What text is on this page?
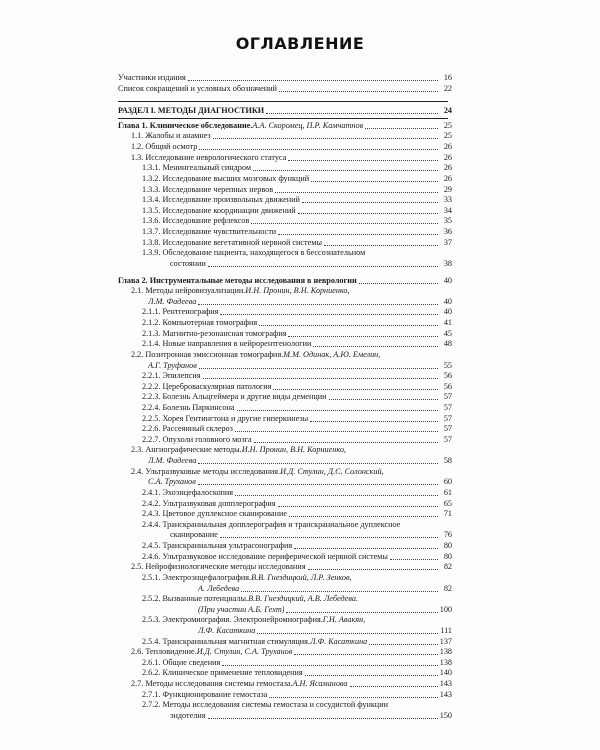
ОГЛАВЛЕНИЕ
Участники издания	16
Список сокращений и условных обозначений	22
РАЗДЕЛ I. МЕТОДЫ ДИАГНОСТИКИ	24
Глава 1. Клиническое обследование. А.А. Скоромец, П.Р. Камчатнов	25
1.1. Жалобы и анамнез	25
1.2. Общий осмотр	26
1.3. Исследование неврологического статуса	26
1.3.1. Менингеальный синдром	26
1.3.2. Исследование высших мозговых функций	26
1.3.3. Исследование черепных нервов	29
1.3.4. Исследование произвольных движений	33
1.3.5. Исследование координации движений	34
1.3.6. Исследование рефлексов	35
1.3.7. Исследование чувствительности	36
1.3.8. Исследование вегетативной нервной системы	37
1.3.9. Обследование пациента, находящегося в бессознательном
состоянии	38
Глава 2. Инструментальные методы исследования в неврологии	40
2.1. Методы нейровизуализации. И.Н. Пронин, В.Н. Корниенко,
Л.М. Фадеева	40
2.1.1. Рентгенография	40
2.1.2. Компьютерная томография	41
2.1.3. Магнитно-резонансная томография	45
2.1.4. Новые направления в нейрорентгенологии	48
2.2. Позитронная эмиссионная томография. М.М. Одинак, А.Ю. Емелин,
А.Г. Труфанов	55
2.2.1. Эпилепсия	56
2.2.2. Цереброваскулярная патология	56
2.2.3. Болезнь Альцгеймера и другие виды деменции	57
2.2.4. Болезнь Паркинсона	57
2.2.5. Хорея Гентингтона и другие гиперкинезы	57
2.2.6. Рассеянный склероз	57
2.2.7. Опухоли головного мозга	57
2.3. Ангиографические методы. И.Н. Пронин, В.Н. Корниенко,
Л.М. Фадеева	58
2.4. Ультразвуковые методы исследования. И.Д. Стулин, Д.С. Солонский,
С.А. Труханов	60
2.4.1. Эхоэнцефалоскопия	61
2.4.2. Ультразвуковая допплерография	65
2.4.3. Цветовое дуплексное сканирование	71
2.4.4. Транскраниальная допплерография и транскраниальное дуплексное
сканирование	76
2.4.5. Транскраниальная ультрасонография	80
2.4.6. Ультразвуковое исследование периферической нервной системы	80
2.5. Нейрофизиологические методы исследования	82
2.5.1. Электроэнцефалография. В.В. Гнездицкий, Л.Р. Зенков,
А. Лебедева	82
2.5.2. Вызванные потенциалы. В.В. Гнездицкий, А.В. Лебедева.
(При участии А.Б. Гехт)	100
2.5.3. Электромиография. Электронейромиография. Г.Н. Авакян,
Л.Ф. Касаткина	111
2.5.4. Транскраниальная магнитная стимуляция. Л.Ф. Касаткина	137
2.6. Тепловидение. И.Д. Стулин, С.А. Труханов	138
2.6.1. Общие сведения	138
2.6.2. Клиническое применение тепловидения	140
2.7. Методы исследования системы гемостаза. А.Н. Ясаманова	143
2.7.1. Функционирование гемостаза	143
2.7.2. Методы исследования системы гемостаза и сосудистой функции
эндотелия	150
